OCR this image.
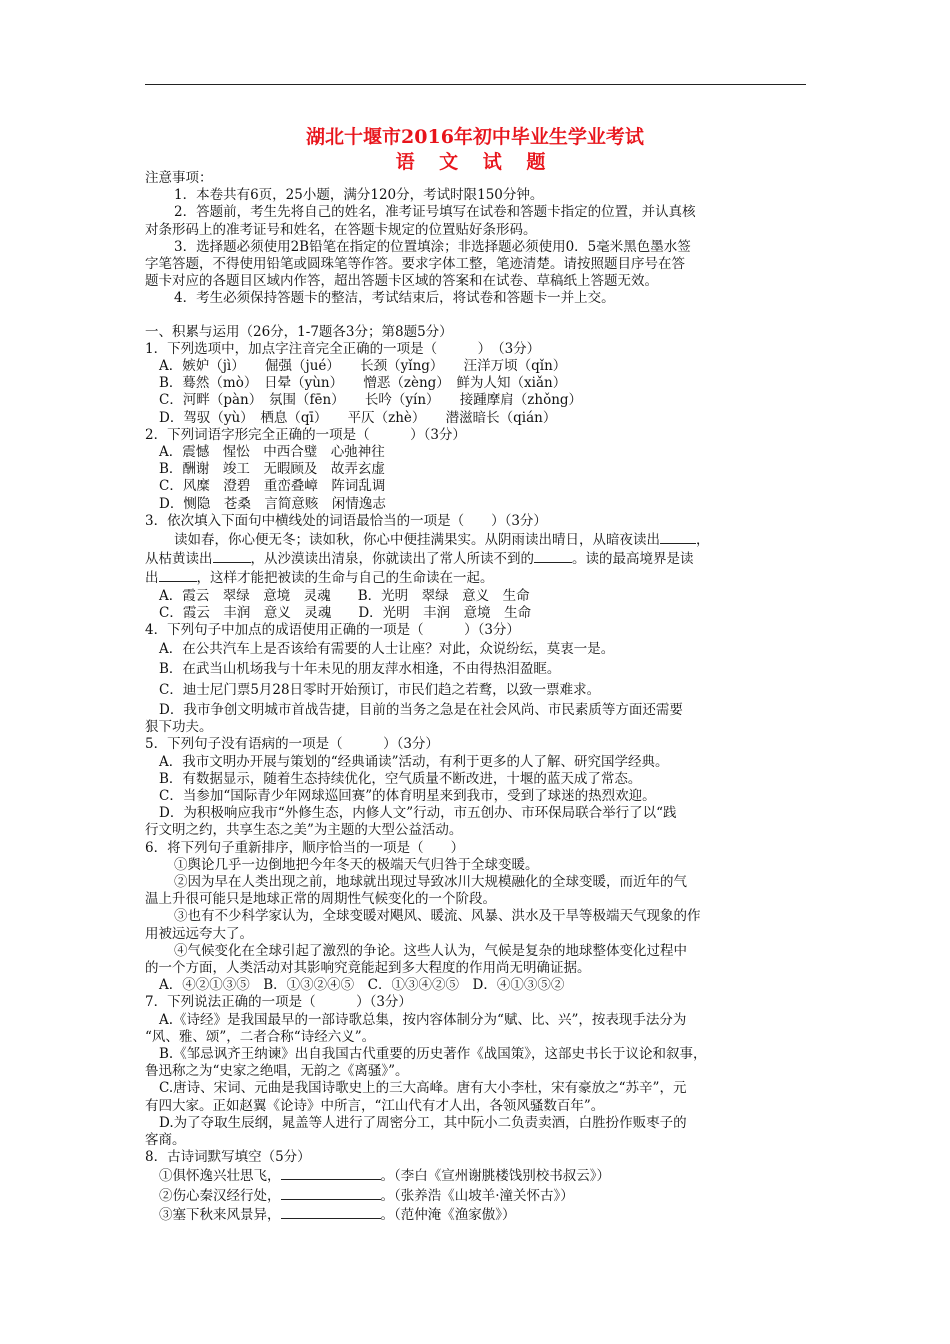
湖北十堰市2016年初中毕业生学业考试
语 文 试 题
注意事项：
1．本卷共有6页，25小题，满分120分，考试时限150分钟。
2．答题前，考生先将自己的姓名，准考证号填写在试卷和答题卡指定的位置，并认真核
对条形码上的准考证号和姓名，在答题卡规定的位置贴好条形码。
3．选择题必须使用2B铅笔在指定的位置填涂；非选择题必须使用0．5毫米黑色墨水签
字笔答题，不得使用铅笔或圆珠笔等作答。要求字体工整，笔迹清楚。请按照题目序号在答
题卡对应的各题目区域内作答，超出答题卡区域的答案和在试卷、草稿纸上答题无效。
4．考生必须保持答题卡的整洁，考试结束后，将试卷和答题卡一并上交。
一、积累与运用（26分，1-7题各3分；第8题5分）
1．下列选项中，加点字注音完全正确的一项是（　　　）　（3分）
A．嫉妒（jì）　　倔强（jué）　　长颈（yǐng）　　汪洋万顷（qǐn）
B．蓦然（mò）　日晕（yùn）　　憎恶（zèng）　鲜为人知（xiǎn）
C．河畔（pàn）　氛围（fēn）　　长吟（yín）　　接踵摩肩（zhǒng）
D．驾驭（yù）　栖息（qī）　　平仄（zhè）　　潜滋暗长（qián）
2．下列词语字形完全正确的一项是（　　　）（3分）
A．震憾　惺忪　中西合璧　心弛神往
B．酬谢　竣工　无暇顾及　故弄玄虚
C．风糜　澄碧　重峦叠嶂　阵词乱调
D．恻隐　苍桑　言简意赅　闲情逸志
3．依次填入下面句中横线处的词语最恰当的一项是（　　）（3分）
读如春，你心便无冬；读如秋，你心中便挂满果实。从阴雨读出晴日，从暗夜读出	，
从枯黄读出	，从沙漠读出清泉，你就读出了常人所读不到的	。读的最高境界是读
出	，这样才能把被读的生命与自己的生命读在一起。
A．霞云　翠绿　意境　灵魂　　B．光明　翠绿　意义　生命
C．霞云　丰润　意义　灵魂　　D．光明　丰润　意境　生命
4．下列句子中加点的成语使用正确的一项是（　　　）（3分）
A．在公共汽车上是否该给有需要的人士让座？对此，众说纷纭，莫衷一是。
B．在武当山机场我与十年未见的朋友萍水相逢，不由得热泪盈眶。
C．迪士尼门票5月28日零时开始预订，市民们趋之若鹜，以致一票难求。
D．我市争创文明城市首战告捷，目前的当务之急是在社会风尚、市民素质等方面还需要
狠下功夫。
5．下列句子没有语病的一项是（　　　）（3分）
A．我市文明办开展与策划的“经典诵读”活动，有利于更多的人了解、研究国学经典。
B．有数据显示，随着生态持续优化，空气质量不断改进，十堰的蓝天成了常态。
C．当参加“国际青少年网球巡回赛”的体育明星来到我市，受到了球迷的热烈欢迎。
D．为积极响应我市“外修生态，内修人文”行动，市五创办、市环保局联合举行了以“践
行文明之约，共享生态之美”为主题的大型公益活动。
6．将下列句子重新排序，顺序恰当的一项是（　　）
①舆论几乎一边倒地把今年冬天的极端天气归咎于全球变暖。
②因为早在人类出现之前，地球就出现过导致冰川大规模融化的全球变暖，而近年的气
温上升很可能只是地球正常的周期性气候变化的一个阶段。
③也有不少科学家认为，全球变暖对飓风、暖流、风暴、洪水及干旱等极端天气现象的作
用被远远夸大了。
④气候变化在全球引起了激烈的争论。这些人认为，气候是复杂的地球整体变化过程中
的一个方面，人类活动对其影响究竟能起到多大程度的作用尚无明确证据。
A．④②①③⑤　B．①③②④⑤　C．①③④②⑤　D．④①③⑤②
7．下列说法正确的一项是（　　　）（3分）
A.《诗经》是我国最早的一部诗歌总集，按内容体制分为“赋、比、兴”，按表现手法分为
“风、雅、颂”，二者合称“诗经六义”。
B.《邹忌讽齐王纳谏》出自我国古代重要的历史著作《战国策》，这部史书长于议论和叙事，
鲁迅称之为“史家之绝唱，无韵之《离骚》”。
C.唐诗、宋词、元曲是我国诗歌史上的三大高峰。唐有大小李杜，宋有豪放之“苏辛”，元
有四大家。正如赵翼《论诗》中所言，“江山代有才人出，各领风骚数百年”。
D.为了夺取生辰纲，晁盖等人进行了周密分工，其中阮小二负责卖酒，白胜扮作贩枣子的
客商。
8．古诗词默写填空（5分）
①俱怀逸兴壮思飞，	。（李白《宣州谢朓楼饯别校书叔云》）
②伤心秦汉经行处，	。（张养浩《山坡羊·潼关怀古》）
③塞下秋来风景异，	。（范仲淹《渔家傲》）
